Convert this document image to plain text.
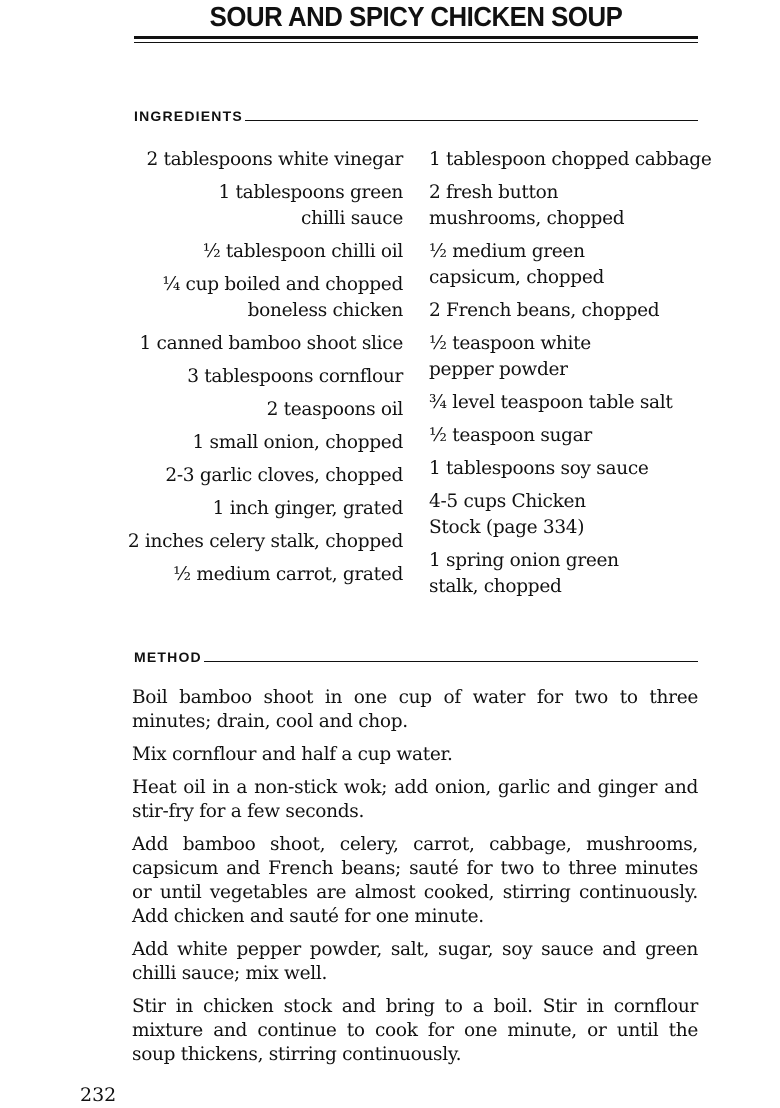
SOUR AND SPICY CHICKEN SOUP
INGREDIENTS
2 tablespoons white vinegar
1 tablespoons green
chilli sauce
½ tablespoon chilli oil
¼ cup boiled and chopped
boneless chicken
1 canned bamboo shoot slice
3 tablespoons cornflour
2 teaspoons oil
1 small onion, chopped
2-3 garlic cloves, chopped
1 inch ginger, grated
2 inches celery stalk, chopped
½ medium carrot, grated
1 tablespoon chopped cabbage
2 fresh button
mushrooms, chopped
½ medium green
capsicum, chopped
2 French beans, chopped
½ teaspoon white
pepper powder
¾ level teaspoon table salt
½ teaspoon sugar
1 tablespoons soy sauce
4-5 cups Chicken
Stock (page 334)
1 spring onion green
stalk, chopped
METHOD

Boil bamboo shoot in one cup of water for two to three minutes; drain, cool and chop.

Mix cornflour and half a cup water.

Heat oil in a non-stick wok; add onion, garlic and ginger and stir-fry for a few seconds.

Add bamboo shoot, celery, carrot, cabbage, mushrooms, capsicum and French beans; sauté for two to three minutes or until vegetables are almost cooked, stirring continuously. Add chicken and sauté for one minute.

Add white pepper powder, salt, sugar, soy sauce and green chilli sauce; mix well.

Stir in chicken stock and bring to a boil. Stir in cornflour mixture and continue to cook for one minute, or until the soup thickens, stirring continuously.

232
